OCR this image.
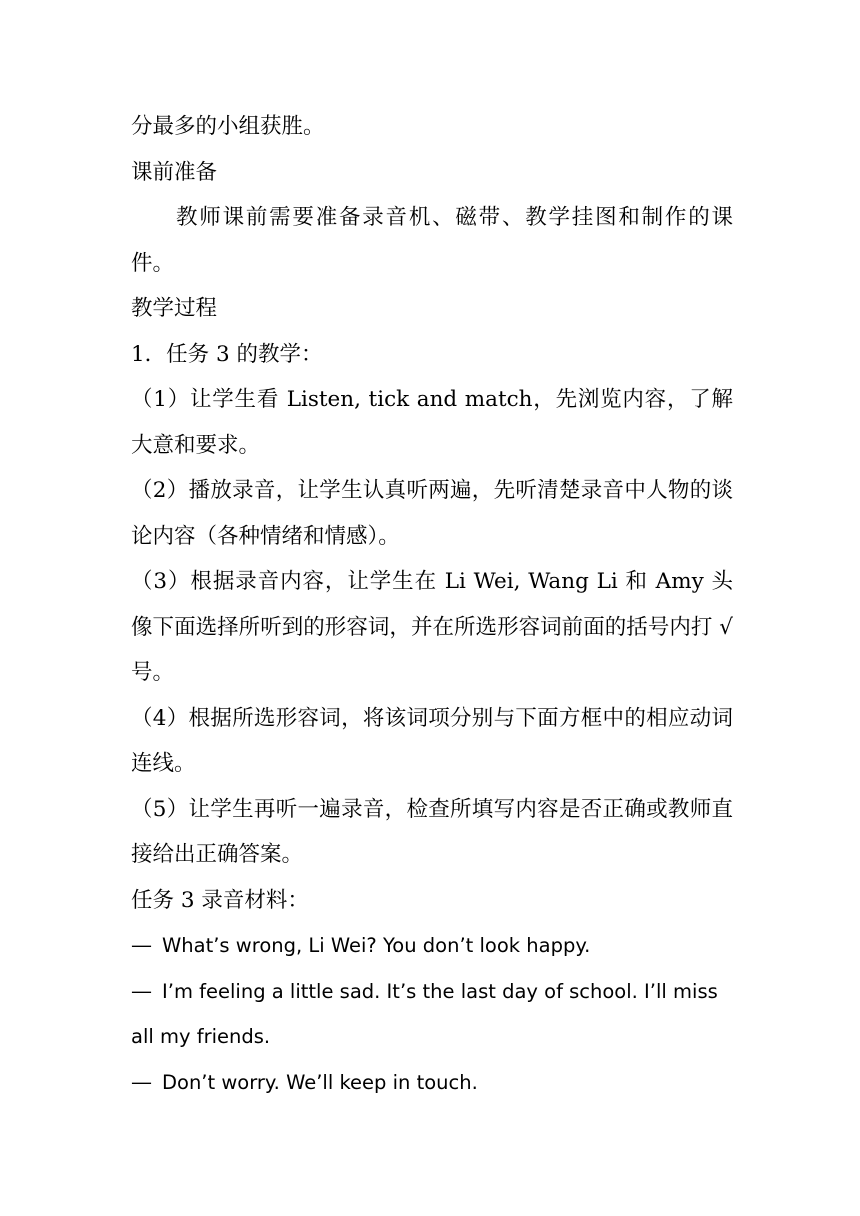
分最多的小组获胜。

课前准备

教师课前需要准备录音机、磁带、教学挂图和制作的课件。

教学过程

1．任务 3 的教学：

（1）让学生看 Listen, tick and match，先浏览内容，了解大意和要求。

（2）播放录音，让学生认真听两遍，先听清楚录音中人物的谈论内容（各种情绪和情感）。

（3）根据录音内容，让学生在 Li Wei, Wang Li 和 Amy 头像下面选择所听到的形容词，并在所选形容词前面的括号内打 √ 号。

（4）根据所选形容词，将该词项分别与下面方框中的相应动词连线。

（5）让学生再听一遍录音，检查所填写内容是否正确或教师直接给出正确答案。

任务 3 录音材料：

— What’s wrong, Li Wei? You don’t look happy.

— I’m feeling a little sad. It’s the last day of school. I’ll miss all my friends.

— Don’t worry. We’ll keep in touch.
